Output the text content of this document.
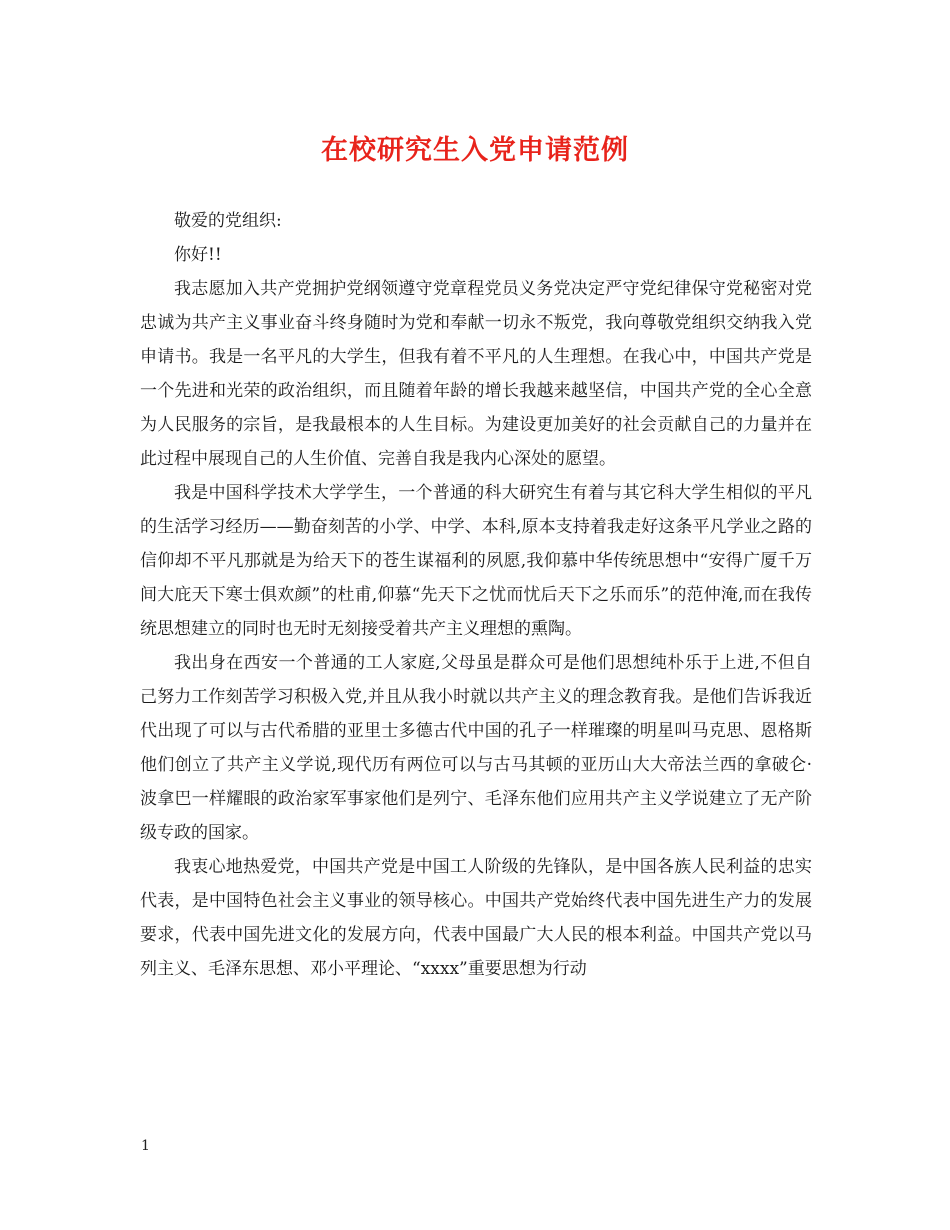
在校研究生入党申请范例

敬爱的党组织:

你好!!

我志愿加入共产党拥护党纲领遵守党章程党员义务党决定严守党纪律保守党秘密对党忠诚为共产主义事业奋斗终身随时为党和奉献一切永不叛党，我向尊敬党组织交纳我入党申请书。我是一名平凡的大学生，但我有着不平凡的人生理想。在我心中，中国共产党是一个先进和光荣的政治组织，而且随着年龄的增长我越来越坚信，中国共产党的全心全意为人民服务的宗旨，是我最根本的人生目标。为建设更加美好的社会贡献自己的力量并在此过程中展现自己的人生价值、完善自我是我内心深处的愿望。

我是中国科学技术大学学生，一个普通的科大研究生有着与其它科大学生相似的平凡的生活学习经历——勤奋刻苦的小学、中学、本科,原本支持着我走好这条平凡学业之路的信仰却不平凡那就是为给天下的苍生谋福利的夙愿,我仰慕中华传统思想中“安得广厦千万间大庇天下寒士俱欢颜”的杜甫,仰慕“先天下之忧而忧后天下之乐而乐”的范仲淹,而在我传统思想建立的同时也无时无刻接受着共产主义理想的熏陶。

我出身在西安一个普通的工人家庭,父母虽是群众可是他们思想纯朴乐于上进,不但自己努力工作刻苦学习积极入党,并且从我小时就以共产主义的理念教育我。是他们告诉我近代出现了可以与古代希腊的亚里士多德古代中国的孔子一样璀璨的明星叫马克思、恩格斯他们创立了共产主义学说,现代历有两位可以与古马其顿的亚历山大大帝法兰西的拿破仑·波拿巴一样耀眼的政治家军事家他们是列宁、毛泽东他们应用共产主义学说建立了无产阶级专政的国家。

我衷心地热爱党，中国共产党是中国工人阶级的先锋队，是中国各族人民利益的忠实代表，是中国特色社会主义事业的领导核心。中国共产党始终代表中国先进生产力的发展要求，代表中国先进文化的发展方向，代表中国最广大人民的根本利益。中国共产党以马列主义、毛泽东思想、邓小平理论、“xxxx”重要思想为行动

1
